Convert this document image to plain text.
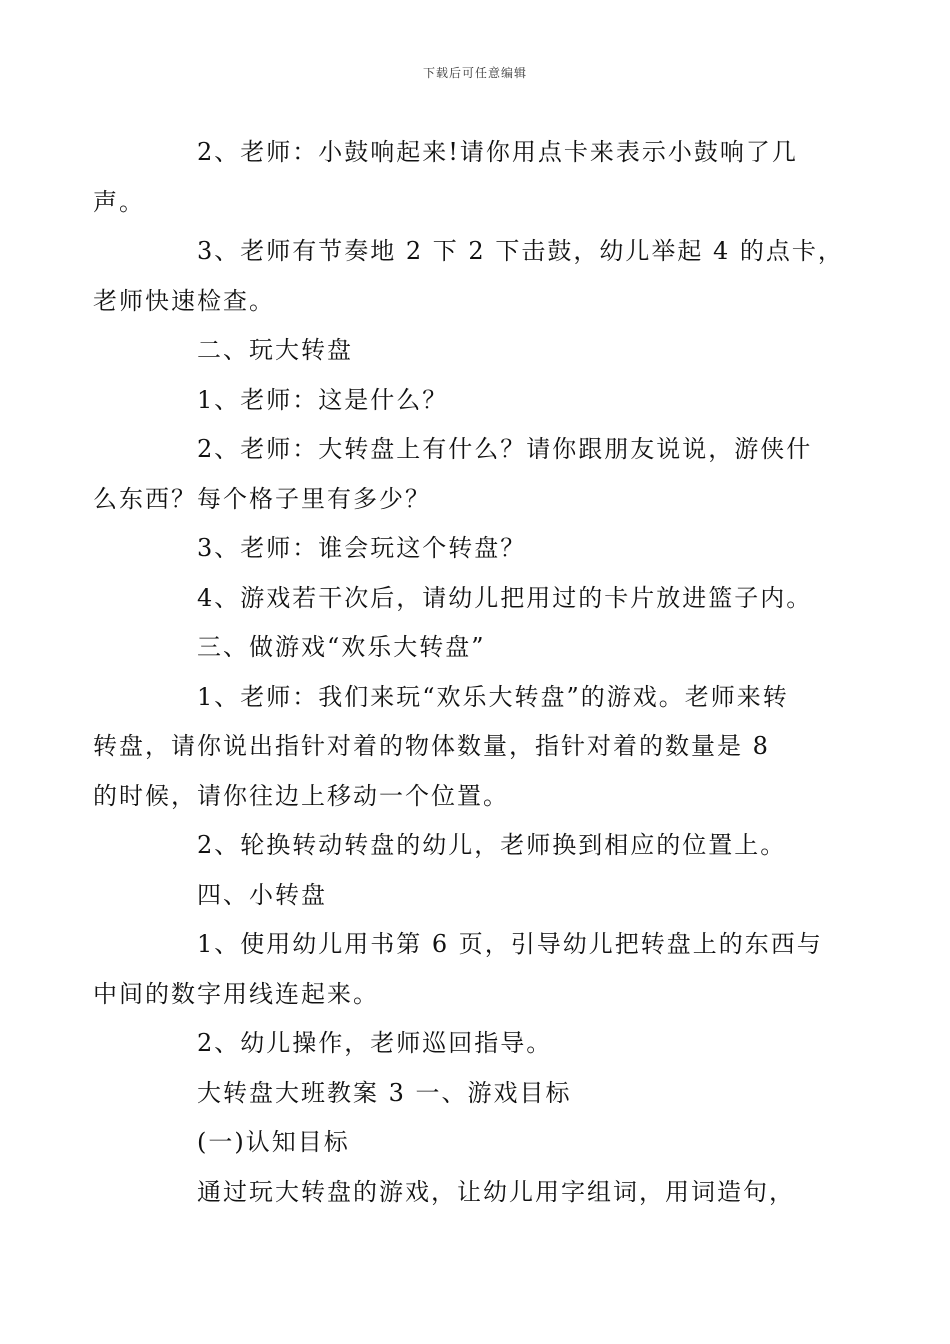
下载后可任意编辑

2、老师：小鼓响起来!请你用点卡来表示小鼓响了几
声。

3、老师有节奏地 2 下 2 下击鼓，幼儿举起 4 的点卡，
老师快速检查。

二、玩大转盘

1、老师：这是什么？

2、老师：大转盘上有什么？请你跟朋友说说，游侠什
么东西？每个格子里有多少？

3、老师：谁会玩这个转盘？

4、游戏若干次后，请幼儿把用过的卡片放进篮子内。

三、做游戏“欢乐大转盘”

1、老师：我们来玩“欢乐大转盘”的游戏。老师来转
转盘，请你说出指针对着的物体数量，指针对着的数量是 8
的时候，请你往边上移动一个位置。

2、轮换转动转盘的幼儿，老师换到相应的位置上。

四、小转盘

1、使用幼儿用书第 6 页，引导幼儿把转盘上的东西与
中间的数字用线连起来。

2、幼儿操作，老师巡回指导。

大转盘大班教案 3 一、游戏目标

(一)认知目标

通过玩大转盘的游戏，让幼儿用字组词，用词造句，
